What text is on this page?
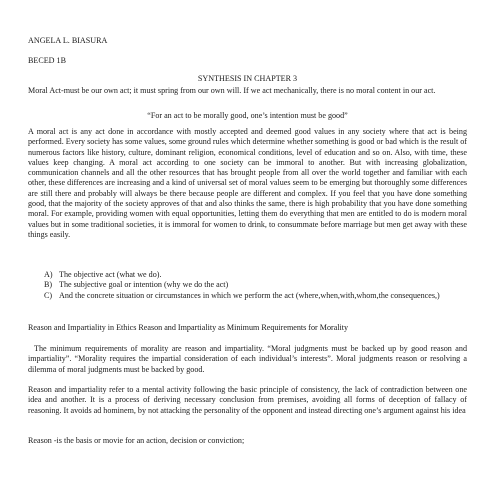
ANGELA L. BIASURA

BECED 1B

SYNTHESIS IN CHAPTER 3

Moral Act-must be our own act; it must spring from our own will. If we act mechanically, there is no moral content in our act.

“For an act to be morally good, one’s intention must be good”

A moral act is any act done in accordance with mostly accepted and deemed good values in any society where that act is being performed. Every society has some values, some ground rules which determine whether something is good or bad which is the result of numerous factors like history, culture, dominant religion, economical conditions, level of education and so on. Also, with time, these values keep changing. A moral act according to one society can be immoral to another. But with increasing globalization, communication channels and all the other resources that has brought people from all over the world together and familiar with each other, these differences are increasing and a kind of universal set of moral values seem to be emerging but thoroughly some differences are still there and probably will always be there because people are different and complex. If you feel that you have done something good, that the majority of the society approves of that and also thinks the same, there is high probability that you have done something moral. For example, providing women with equal opportunities, letting them do everything that men are entitled to do is modern moral values but in some traditional societies, it is immoral for women to drink, to consummate before marriage but men get away with these things easily.

A) The objective act (what we do).
B) The subjective goal or intention (why we do the act)
C) And the concrete situation or circumstances in which we perform the act (where,when,with,whom,the consequences,)

Reason and Impartiality in Ethics Reason and Impartiality as Minimum Requirements for Morality

The minimum requirements of morality are reason and impartiality. “Moral judgments must be backed up by good reason and impartiality”. “Morality requires the impartial consideration of each individual’s interests”. Moral judgments reason or resolving a dilemma of moral judgments must be backed by good.

Reason and impartiality refer to a mental activity following the basic principle of consistency, the lack of contradiction between one idea and another. It is a process of deriving necessary conclusion from premises, avoiding all forms of deception of fallacy of reasoning. It avoids ad hominem, by not attacking the personality of the opponent and instead directing one’s argument against his idea

Reason -is the basis or movie for an action, decision or conviction;
